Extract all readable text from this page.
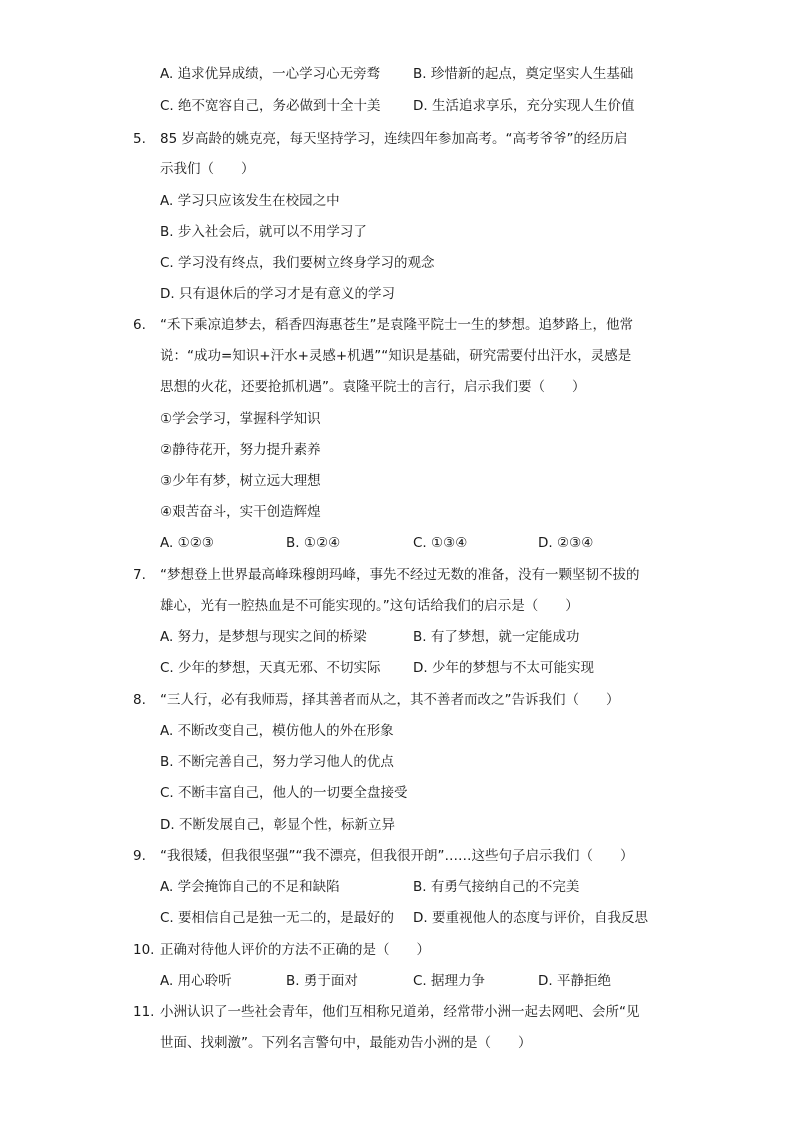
A. 追求优异成绩，一心学习心无旁骛 B. 珍惜新的起点，奠定坚实人生基础
C. 绝不宽容自己，务必做到十全十美 D. 生活追求享乐，充分实现人生价值
5. 85 岁高龄的姚克亮，每天坚持学习，连续四年参加高考。“高考爷爷”的经历启
示我们（　　）
A. 学习只应该发生在校园之中
B. 步入社会后，就可以不用学习了
C. 学习没有终点，我们要树立终身学习的观念
D. 只有退休后的学习才是有意义的学习
6. “禾下乘凉追梦去，稻香四海惠苍生”是袁隆平院士一生的梦想。追梦路上，他常
说：“成功=知识+汗水+灵感+机遇”“知识是基础，研究需要付出汗水，灵感是
思想的火花，还要抢抓机遇”。袁隆平院士的言行，启示我们要（　　）
①学会学习，掌握科学知识
②静待花开，努力提升素养
③少年有梦，树立远大理想
④艰苦奋斗，实干创造辉煌
A. ①②③	B. ①②④	C. ①③④	D. ②③④
7. “梦想登上世界最高峰珠穆朗玛峰，事先不经过无数的准备，没有一颗坚韧不拔的
雄心，光有一腔热血是不可能实现的。”这句话给我们的启示是（　　）
A. 努力，是梦想与现实之间的桥梁	B. 有了梦想，就一定能成功
C. 少年的梦想，天真无邪、不切实际 D. 少年的梦想与不太可能实现
8. “三人行，必有我师焉，择其善者而从之，其不善者而改之”告诉我们（　　）
A. 不断改变自己，模仿他人的外在形象
B. 不断完善自己，努力学习他人的优点
C. 不断丰富自己，他人的一切要全盘接受
D. 不断发展自己，彰显个性，标新立异
9. “我很矮，但我很坚强”“我不漂亮，但我很开朗”……这些句子启示我们（　　）
A. 学会掩饰自己的不足和缺陷	B. 有勇气接纳自己的不完美
C. 要相信自己是独一无二的，是最好的 D. 要重视他人的态度与评价，自我反思
10. 正确对待他人评价的方法不正确的是（　　）
A. 用心聆听	B. 勇于面对	C. 据理力争	D. 平静拒绝
11. 小洲认识了一些社会青年，他们互相称兄道弟，经常带小洲一起去网吧、会所“见
世面、找刺激”。下列名言警句中，最能劝告小洲的是（　　）
